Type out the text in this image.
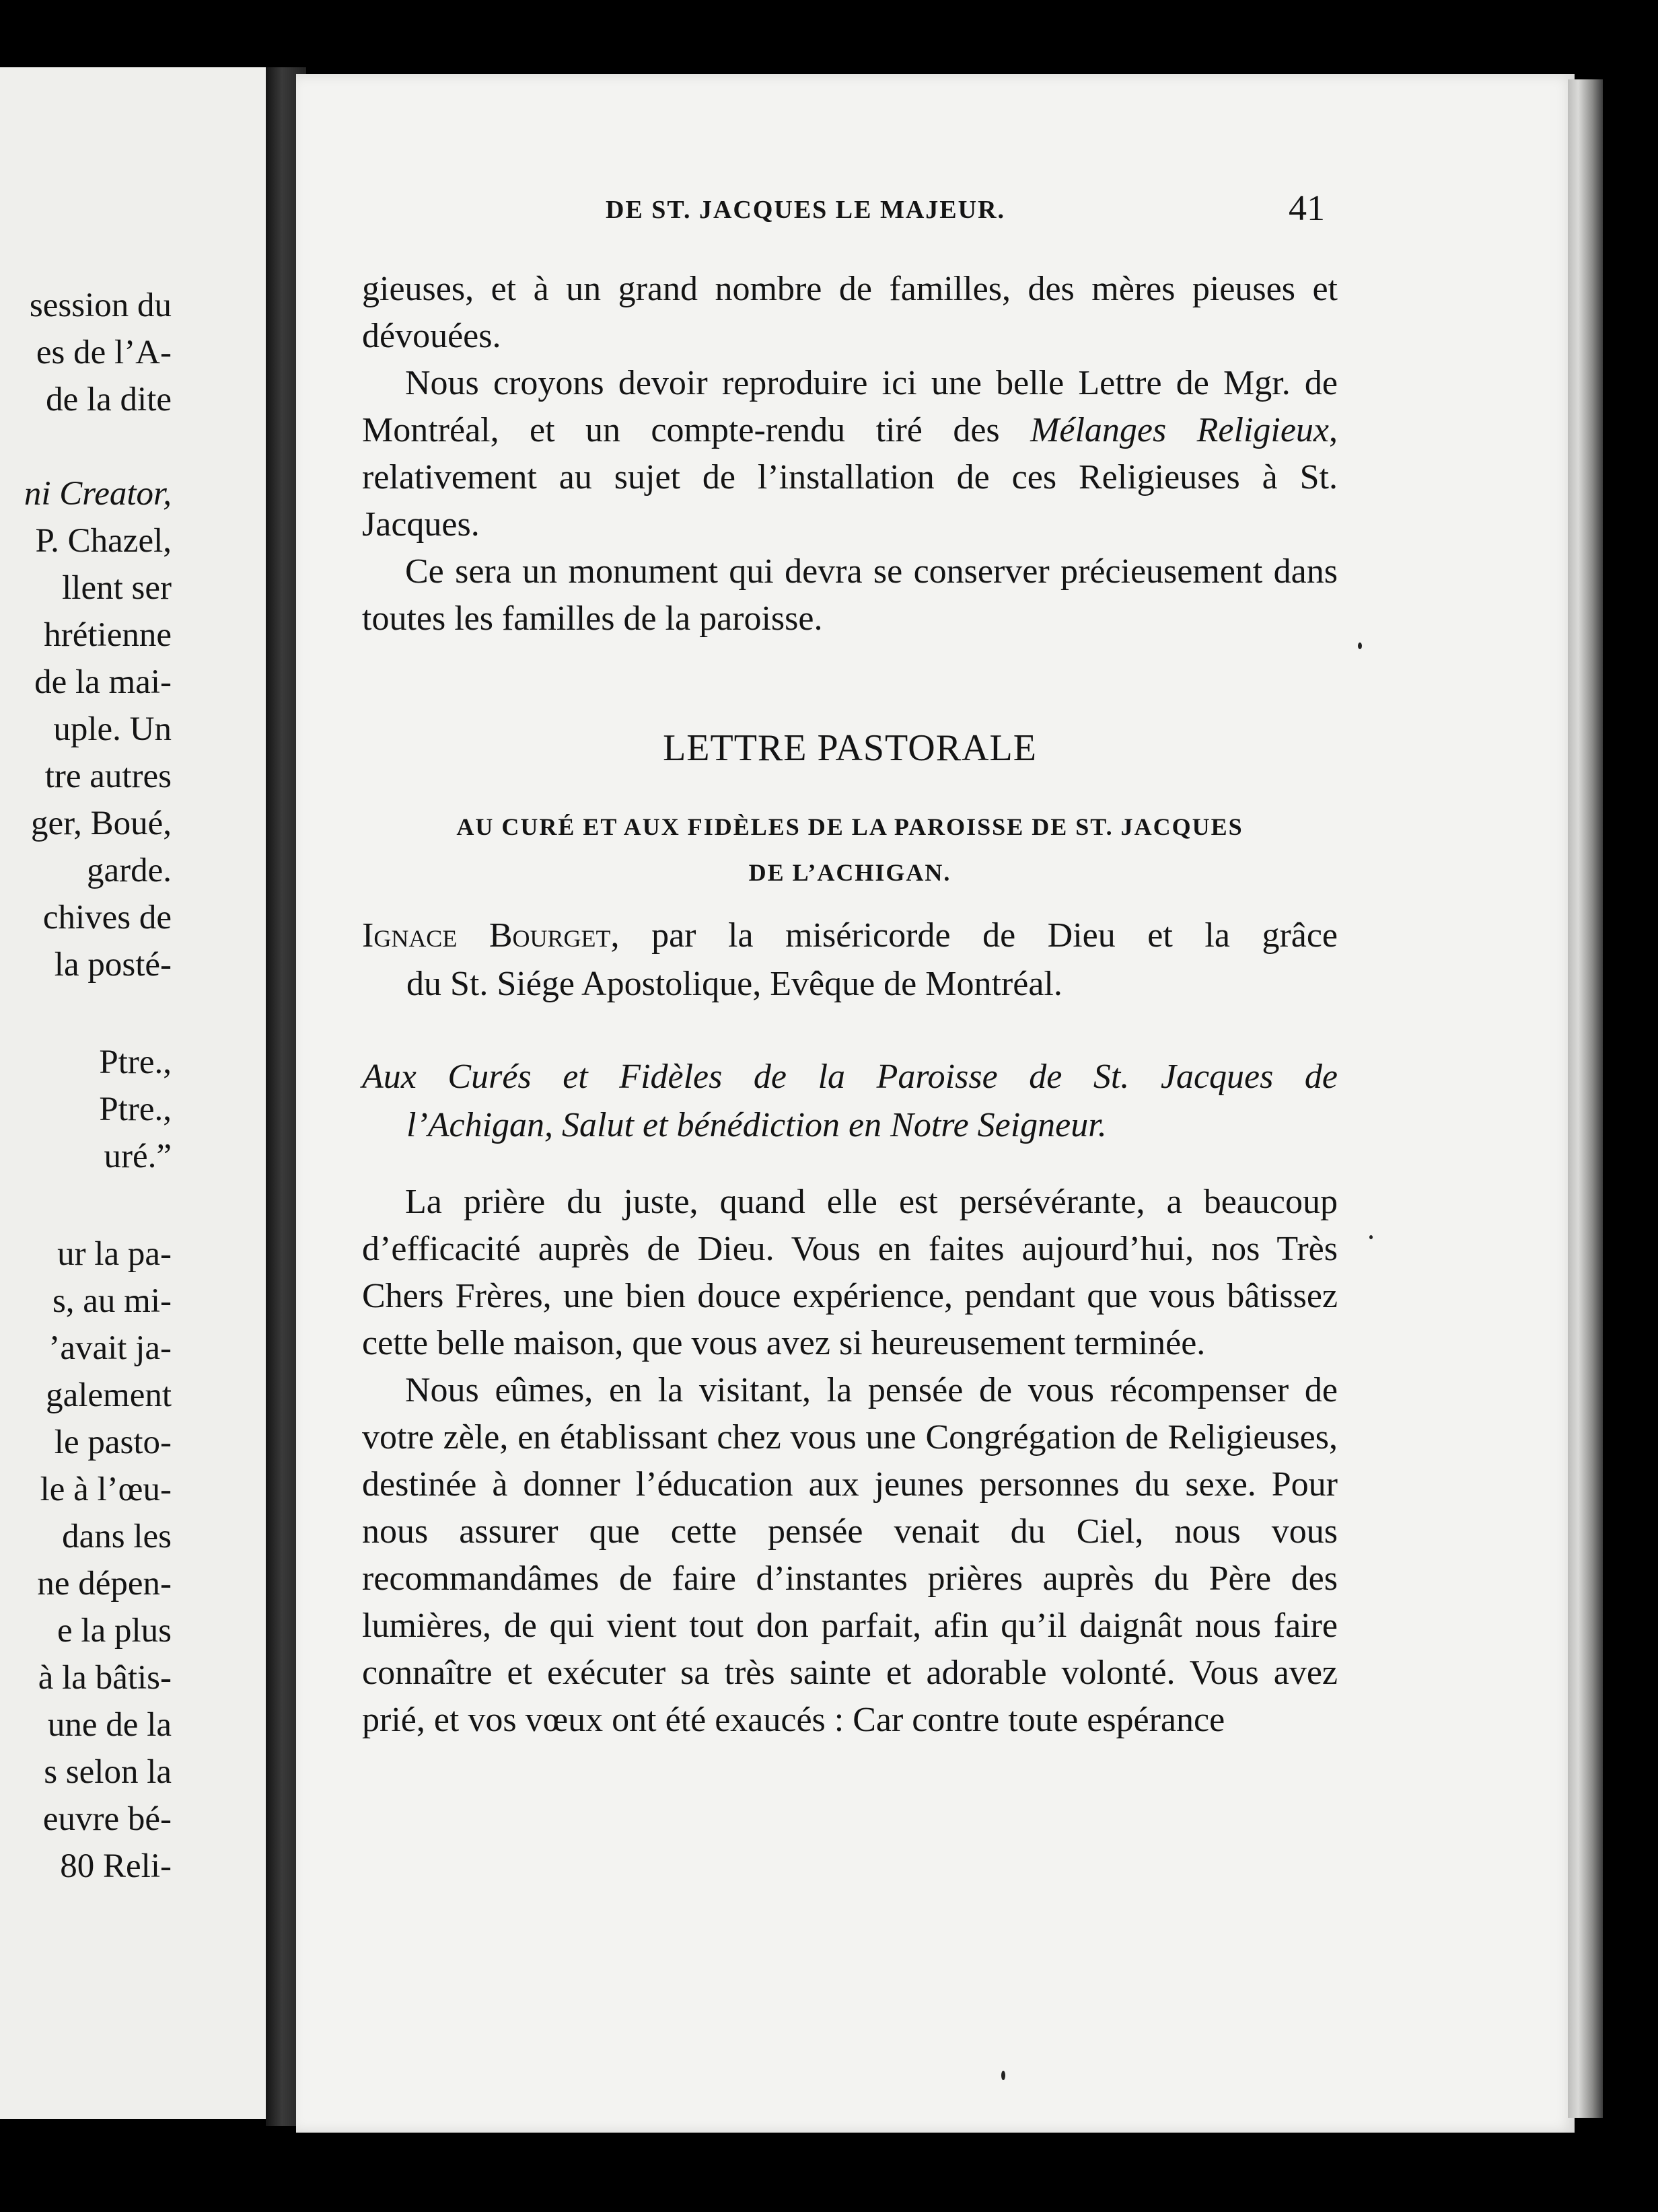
session du
es de l’A-
de la dite
ni Creator,
P. Chazel,
llent ser
hrétienne
de la mai-
uple. Un
tre autres
ger, Boué,
garde.
chives de
la posté-
Ptre.,
Ptre.,
uré.”
ur la pa-
s, au mi-
’avait ja-
galement
le pasto-
le à l’œu-
dans les
ne dépen-
e la plus
à la bâtis-
une de la
s selon la
euvre bé-
80 Reli-
DE ST. JACQUES LE MAJEUR.	41

gieuses, et à un grand nombre de familles, des mères pieuses et dévouées.

Nous croyons devoir reproduire ici une belle Lettre de Mgr. de Montréal, et un compte-rendu tiré des Mélanges Religieux, relativement au sujet de l’installation de ces Religieuses à St. Jacques.

Ce sera un monument qui devra se conserver précieusement dans toutes les familles de la paroisse.

LETTRE PASTORALE
AU CURÉ ET AUX FIDÈLES DE LA PAROISSE DE ST. JACQUES
DE L’ACHIGAN.
Ignace Bourget, par la miséricorde de Dieu et la grâce
du St. Siége Apostolique, Evêque de Montréal.
Aux Curés et Fidèles de la Paroisse de St. Jacques de
l’Achigan, Salut et bénédiction en Notre Seigneur.

La prière du juste, quand elle est persévérante, a beaucoup d’efficacité auprès de Dieu. Vous en faites aujourd’hui, nos Très Chers Frères, une bien douce expérience, pendant que vous bâtissez cette belle maison, que vous avez si heureusement terminée.

Nous eûmes, en la visitant, la pensée de vous récompenser de votre zèle, en établissant chez vous une Congrégation de Religieuses, destinée à donner l’éducation aux jeunes personnes du sexe. Pour nous assurer que cette pensée venait du Ciel, nous vous recommandâmes de faire d’instantes prières auprès du Père des lumières, de qui vient tout don parfait, afin qu’il daignât nous faire connaître et exécuter sa très sainte et adorable volonté. Vous avez prié, et vos vœux ont été exaucés : Car contre toute espérance
